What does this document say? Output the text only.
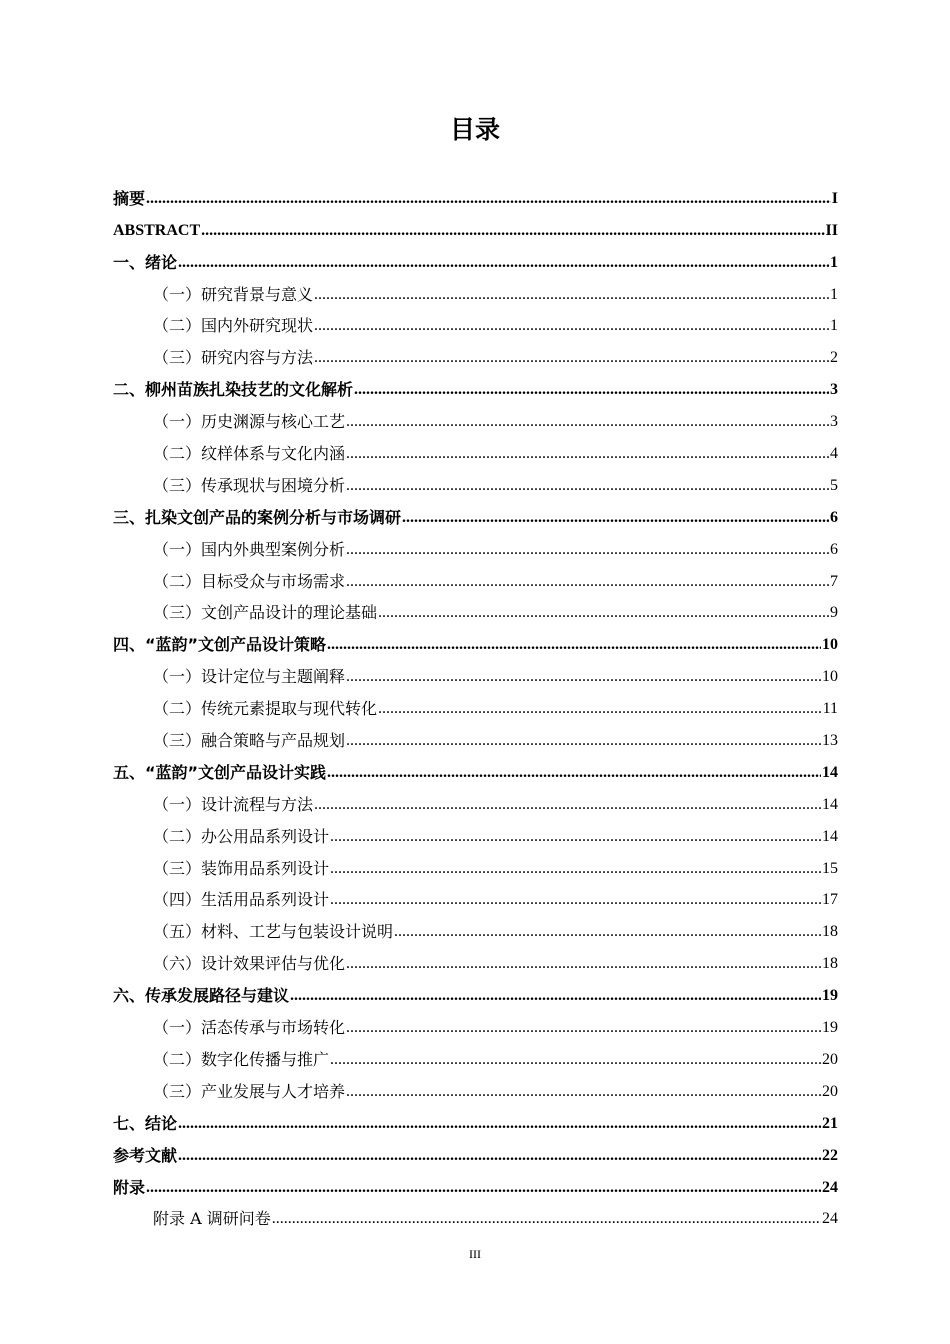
目录
摘要 .....	I
ABSTRACT .....	II
一、绪论 .....	1
（一）研究背景与意义 .....	1
（二）国内外研究现状 .....	1
（三）研究内容与方法 .....	2
二、柳州苗族扎染技艺的文化解析 .....	3
（一）历史渊源与核心工艺 .....	3
（二）纹样体系与文化内涵 .....	4
（三）传承现状与困境分析 .....	5
三、扎染文创产品的案例分析与市场调研 .....	6
（一）国内外典型案例分析 .....	6
（二）目标受众与市场需求 .....	7
（三）文创产品设计的理论基础 .....	9
四、“蓝韵”文创产品设计策略 .....	10
（一）设计定位与主题阐释 .....	10
（二）传统元素提取与现代转化 .....	11
（三）融合策略与产品规划 .....	13
五、“蓝韵”文创产品设计实践 .....	14
（一）设计流程与方法 .....	14
（二）办公用品系列设计 .....	14
（三）装饰用品系列设计 .....	15
（四）生活用品系列设计 .....	17
（五）材料、工艺与包装设计说明 .....	18
（六）设计效果评估与优化 .....	18
六、传承发展路径与建议 .....	19
（一）活态传承与市场转化 .....	19
（二）数字化传播与推广 .....	20
（三）产业发展与人才培养 .....	20
七、结论 .....	21
参考文献 .....	22
附录 .....	24
附录 A 调研问卷 .....	24
III
